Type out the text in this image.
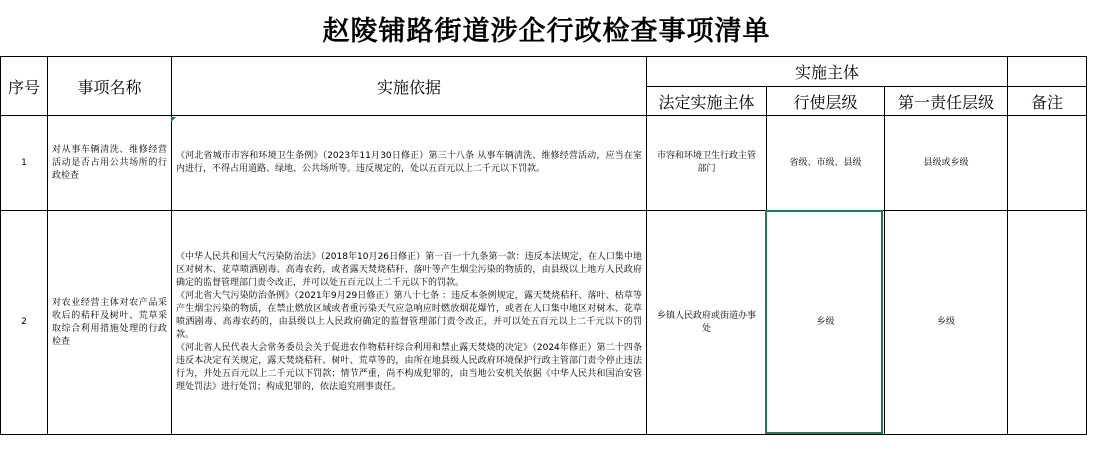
赵陵铺路街道涉企行政检查事项清单
序号	事项名称	实施依据	实施主体			
			法定实施主体	行使层级	第一责任层级	备注
1	对从事车辆清洗、维修经营活动是否占用公共场所的行政检查	《河北省城市市容和环境卫生条例》（2023年11月30日修正）第三十八条 从事车辆清洗、维修经营活动，应当在室内进行，不得占用道路、绿地、公共场所等。违反规定的，处以五百元以上二千元以下罚款。	市容和环境卫生行政主管部门	省级、市级、县级	县级或乡级	
2	对农业经营主体对农产品采收后的秸秆及树叶、荒草采取综合利用措施处理的行政检查	《中华人民共和国大气污染防治法》（2018年10月26日修正）第一百一十九条第一款：违反本法规定，在人口集中地区对树木、花草喷洒剧毒、高毒农药，或者露天焚烧秸秆、落叶等产生烟尘污染的物质的，由县级以上地方人民政府确定的监督管理部门责令改正，并可以处五百元以上二千元以下的罚款。
《河北省大气污染防治条例》（2021年9月29日修正）第八十七条 ：违反本条例规定，露天焚烧秸秆、落叶、枯草等产生烟尘污染的物质，在禁止燃放区域或者重污染天气应急响应时燃放烟花爆竹，或者在人口集中地区对树木、花草喷洒剧毒、高毒农药的，由县级以上人民政府确定的监督管理部门责令改正，并可以处五百元以上二千元以下的罚款。
《河北省人民代表大会常务委员会关于促进农作物秸秆综合利用和禁止露天焚烧的决定》（2024年修正）第二十四条 违反本决定有关规定，露天焚烧秸秆、树叶、荒草等的，由所在地县级人民政府环境保护行政主管部门责令停止违法行为，并处五百元以上二千元以下罚款；情节严重，尚不构成犯罪的，由当地公安机关依据《中华人民共和国治安管理处罚法》进行处罚；构成犯罪的，依法追究刑事责任。	乡镇人民政府或街道办事处	乡级	乡级	
